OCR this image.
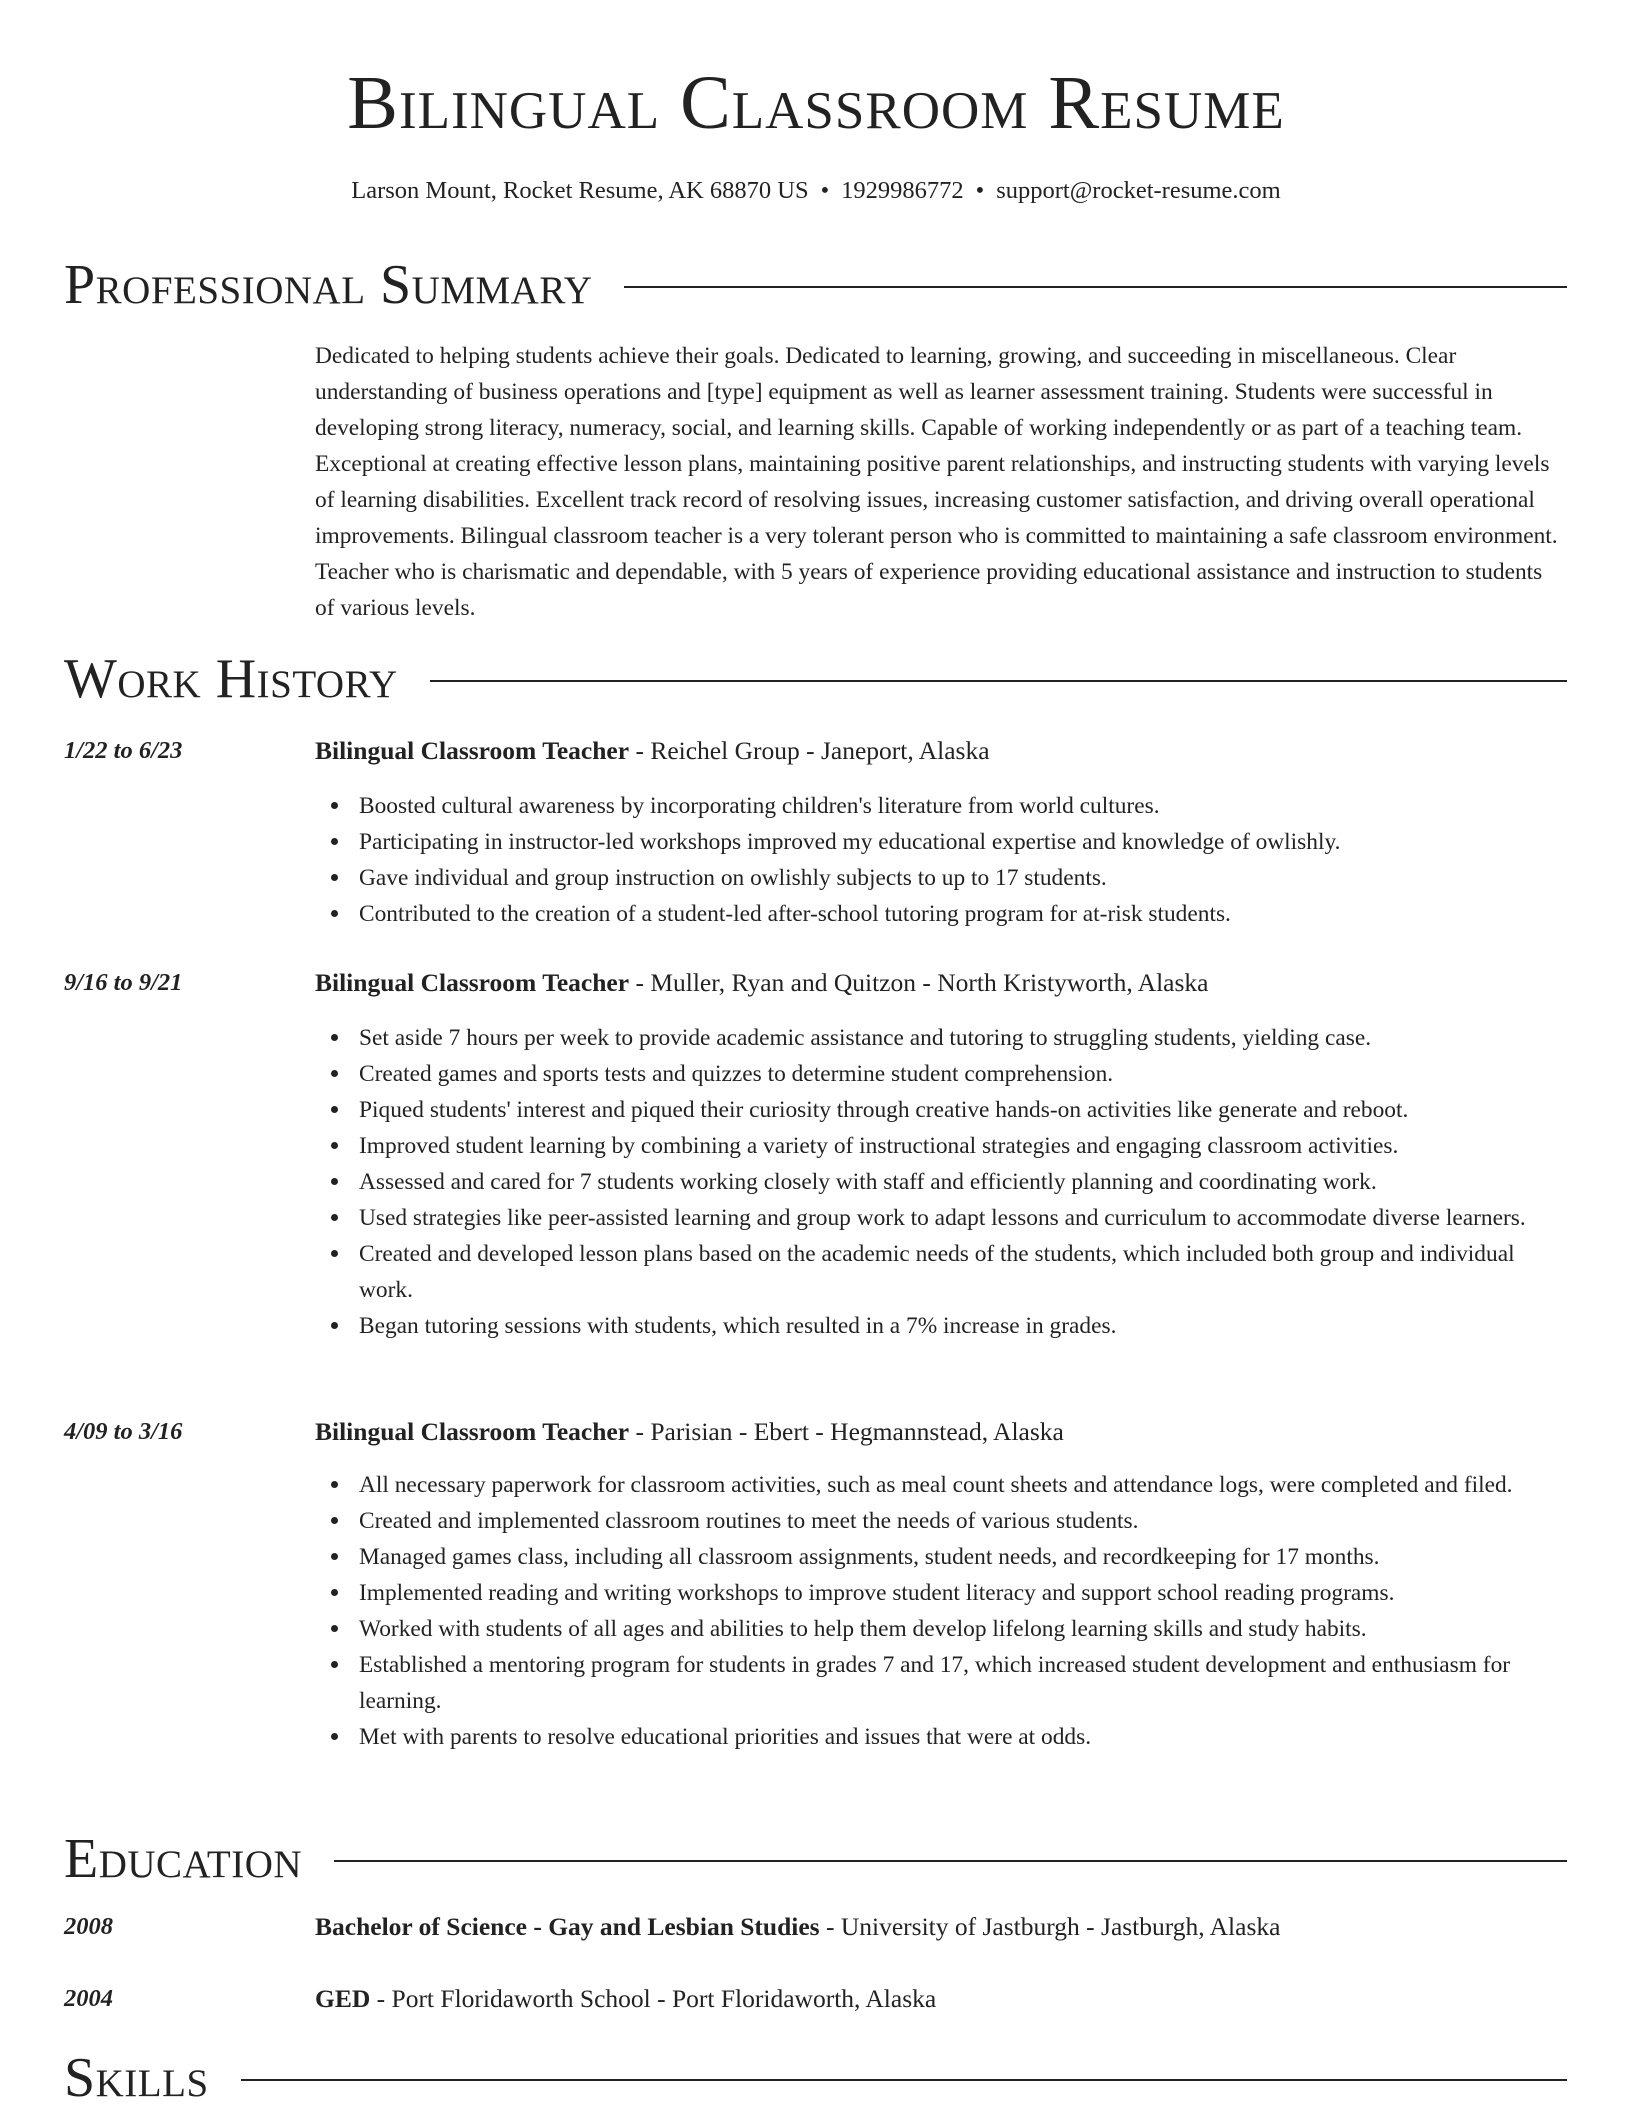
Bilingual Classroom Resume
Larson Mount, Rocket Resume, AK 68870 US • 1929986772 • support@rocket-resume.com
Professional Summary

Dedicated to helping students achieve their goals. Dedicated to learning, growing, and succeeding in miscellaneous. Clear understanding of business operations and [type] equipment as well as learner assessment training. Students were successful in developing strong literacy, numeracy, social, and learning skills. Capable of working independently or as part of a teaching team. Exceptional at creating effective lesson plans, maintaining positive parent relationships, and instructing students with varying levels of learning disabilities. Excellent track record of resolving issues, increasing customer satisfaction, and driving overall operational improvements. Bilingual classroom teacher is a very tolerant person who is committed to maintaining a safe classroom environment. Teacher who is charismatic and dependable, with 5 years of experience providing educational assistance and instruction to students of various levels.

Work History
1/22 to 6/23	Bilingual Classroom Teacher - Reichel Group - Janeport, Alaska
Boosted cultural awareness by incorporating children's literature from world cultures.
Participating in instructor-led workshops improved my educational expertise and knowledge of owlishly.
Gave individual and group instruction on owlishly subjects to up to 17 students.
Contributed to the creation of a student-led after-school tutoring program for at-risk students.
9/16 to 9/21	Bilingual Classroom Teacher - Muller, Ryan and Quitzon - North Kristyworth, Alaska
Set aside 7 hours per week to provide academic assistance and tutoring to struggling students, yielding case.
Created games and sports tests and quizzes to determine student comprehension.
Piqued students' interest and piqued their curiosity through creative hands-on activities like generate and reboot.
Improved student learning by combining a variety of instructional strategies and engaging classroom activities.
Assessed and cared for 7 students working closely with staff and efficiently planning and coordinating work.
Used strategies like peer-assisted learning and group work to adapt lessons and curriculum to accommodate diverse learners.
Created and developed lesson plans based on the academic needs of the students, which included both group and individual work.
Began tutoring sessions with students, which resulted in a 7% increase in grades.
4/09 to 3/16	Bilingual Classroom Teacher - Parisian - Ebert - Hegmannstead, Alaska
All necessary paperwork for classroom activities, such as meal count sheets and attendance logs, were completed and filed.
Created and implemented classroom routines to meet the needs of various students.
Managed games class, including all classroom assignments, student needs, and recordkeeping for 17 months.
Implemented reading and writing workshops to improve student literacy and support school reading programs.
Worked with students of all ages and abilities to help them develop lifelong learning skills and study habits.
Established a mentoring program for students in grades 7 and 17, which increased student development and enthusiasm for learning.
Met with parents to resolve educational priorities and issues that were at odds.
Education
2008	Bachelor of Science - Gay and Lesbian Studies - University of Jastburgh - Jastburgh, Alaska
2004	GED - Port Floridaworth School - Port Floridaworth, Alaska
Skills
